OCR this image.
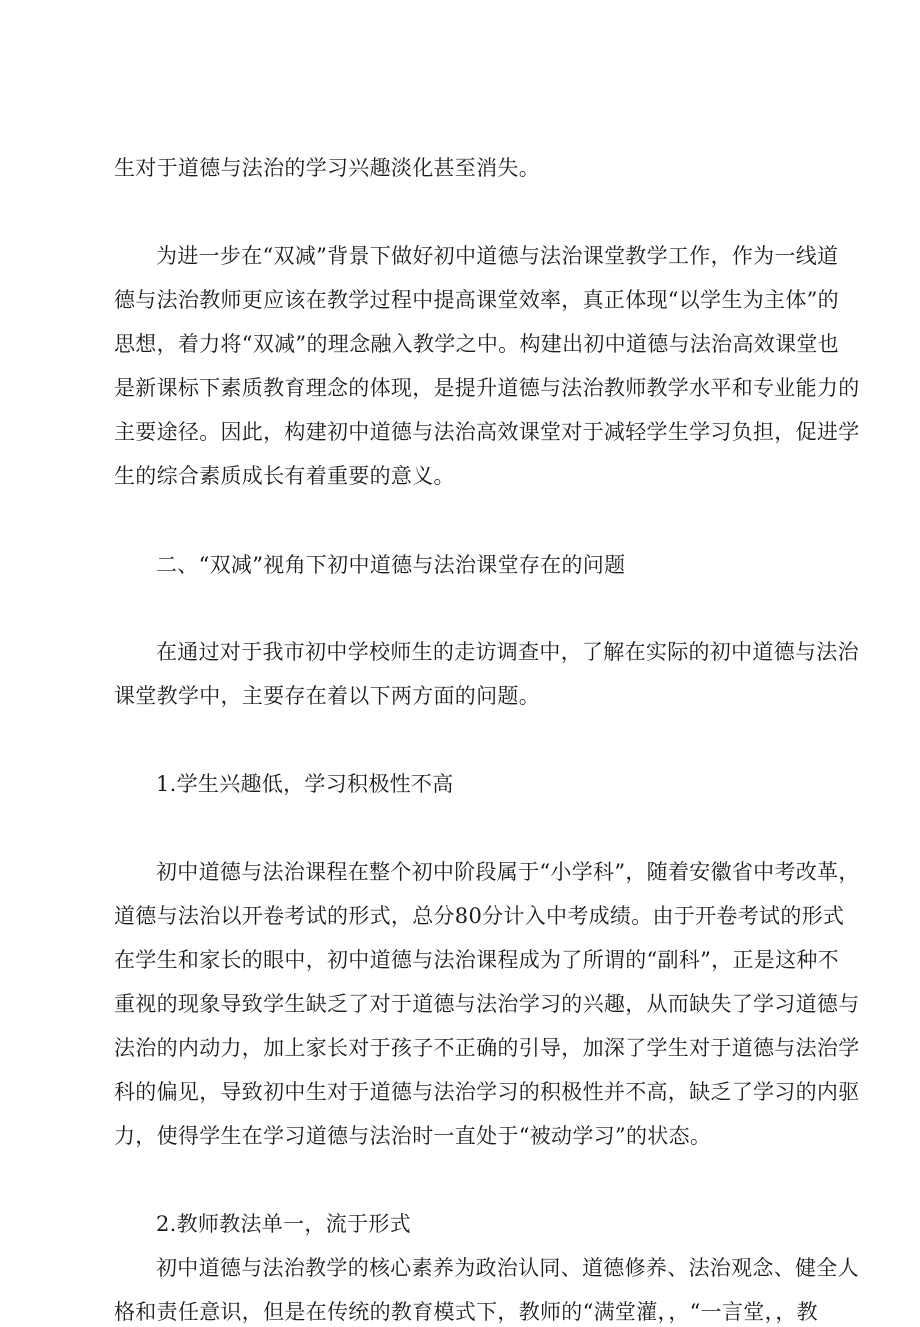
生对于道德与法治的学习兴趣淡化甚至消失。
为进一步在“双减”背景下做好初中道德与法治课堂教学工作，作为一线道
德与法治教师更应该在教学过程中提高课堂效率，真正体现“以学生为主体”的
思想，着力将“双减”的理念融入教学之中。构建出初中道德与法治高效课堂也
是新课标下素质教育理念的体现，是提升道德与法治教师教学水平和专业能力的
主要途径。因此，构建初中道德与法治高效课堂对于减轻学生学习负担，促进学
生的综合素质成长有着重要的意义。
二、“双减”视角下初中道德与法治课堂存在的问题
在通过对于我市初中学校师生的走访调查中，了解在实际的初中道德与法治
课堂教学中，主要存在着以下两方面的问题。
1.学生兴趣低，学习积极性不高
初中道德与法治课程在整个初中阶段属于“小学科”，随着安徽省中考改革，
道德与法治以开卷考试的形式，总分80分计入中考成绩。由于开卷考试的形式
在学生和家长的眼中，初中道德与法治课程成为了所谓的“副科”，正是这种不
重视的现象导致学生缺乏了对于道德与法治学习的兴趣，从而缺失了学习道德与
法治的内动力，加上家长对于孩子不正确的引导，加深了学生对于道德与法治学
科的偏见，导致初中生对于道德与法治学习的积极性并不高，缺乏了学习的内驱
力，使得学生在学习道德与法治时一直处于“被动学习”的状态。
2.教师教法单一，流于形式
初中道德与法治教学的核心素养为政治认同、道德修养、法治观念、健全人
格和责任意识，但是在传统的教育模式下，教师的“满堂灌，，“一言堂，，教
